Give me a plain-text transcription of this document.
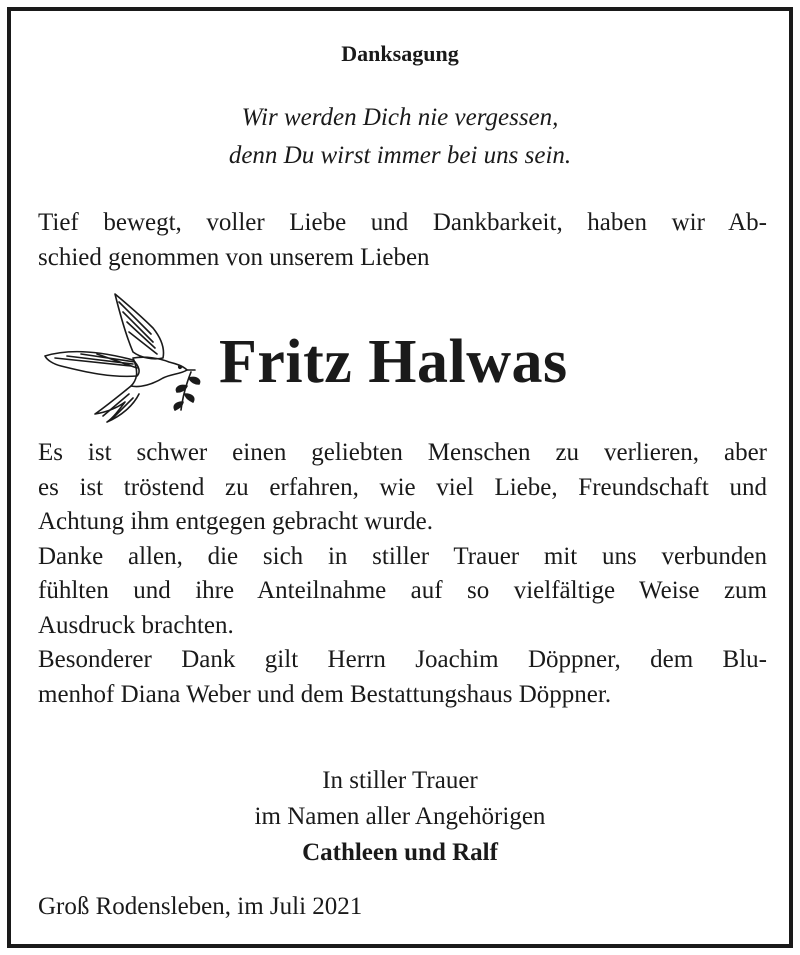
Danksagung
Wir werden Dich nie vergessen,
denn Du wirst immer bei uns sein.
Tief bewegt, voller Liebe und Dankbarkeit, haben wir Ab-
schied genommen von unserem Lieben
Fritz Halwas
Es ist schwer einen geliebten Menschen zu verlieren, aber
es ist tröstend zu erfahren, wie viel Liebe, Freundschaft und
Achtung ihm entgegen gebracht wurde.
Danke allen, die sich in stiller Trauer mit uns verbunden
fühlten und ihre Anteilnahme auf so vielfältige Weise zum
Ausdruck brachten.
Besonderer Dank gilt Herrn Joachim Döppner, dem Blu-
menhof Diana Weber und dem Bestattungshaus Döppner.
In stiller Trauer
im Namen aller Angehörigen
Cathleen und Ralf
Groß Rodensleben, im Juli 2021
